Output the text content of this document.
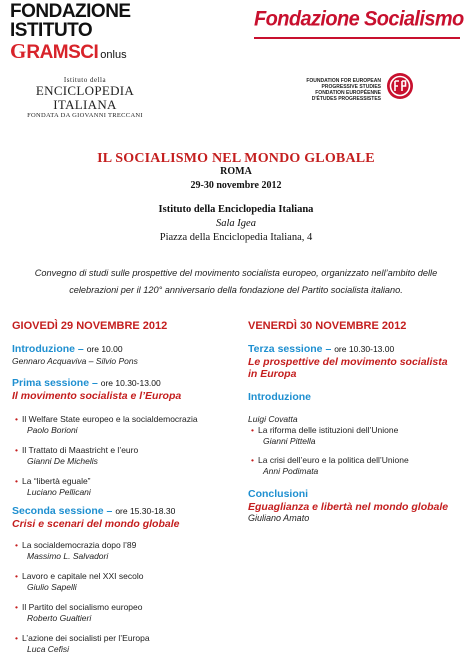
FONDAZIONE
ISTITUTO
GRAMSCI onlus
Fondazione Socialismo
Istituto della
ENCICLOPEDIA ITALIANA
FONDATA DA GIOVANNI TRECCANI
FOUNDATION FOR EUROPEAN
PROGRESSIVE STUDIES
FONDATION EUROPÉENNE
D'ÉTUDES PROGRESSISTES
IL SOCIALISMO NEL MONDO GLOBALE
ROMA
29-30 novembre 2012
Istituto della Enciclopedia Italiana
Sala Igea
Piazza della Enciclopedia Italiana, 4
Convegno di studi sulle prospettive del movimento socialista europeo, organizzato nell’ambito delle
celebrazioni per il 120° anniversario della fondazione del Partito socialista italiano.
GIOVEDÌ 29 NOVEMBRE 2012
Introduzione – ore 10.00
Gennaro Acquaviva – Silvio Pons
Prima sessione – ore 10.30-13.00
Il movimento socialista e l’Europa
• Il Welfare State europeo e la socialdemocrazia
Paolo Borioni
• Il Trattato di Maastricht e l’euro
Gianni De Michelis
• La “libertà eguale”
Luciano Pellicani
Seconda sessione – ore 15.30-18.30
Crisi e scenari del mondo globale
• La socialdemocrazia dopo l’89
Massimo L. Salvadori
• Lavoro e capitale nel XXI secolo
Giulio Sapelli
• Il Partito del socialismo europeo
Roberto Gualtieri
• L’azione dei socialisti per l’Europa
Luca Cefisi
VENERDÌ 30 NOVEMBRE 2012
Terza sessione – ore 10.30-13.00
Le prospettive del movimento socialista
in Europa
Introduzione
Luigi Covatta
• La riforma delle istituzioni dell’Unione
Gianni Pittella
• La crisi dell’euro e la politica dell’Unione
Anni Podimata
Conclusioni
Eguaglianza e libertà nel mondo globale
Giuliano Amato
